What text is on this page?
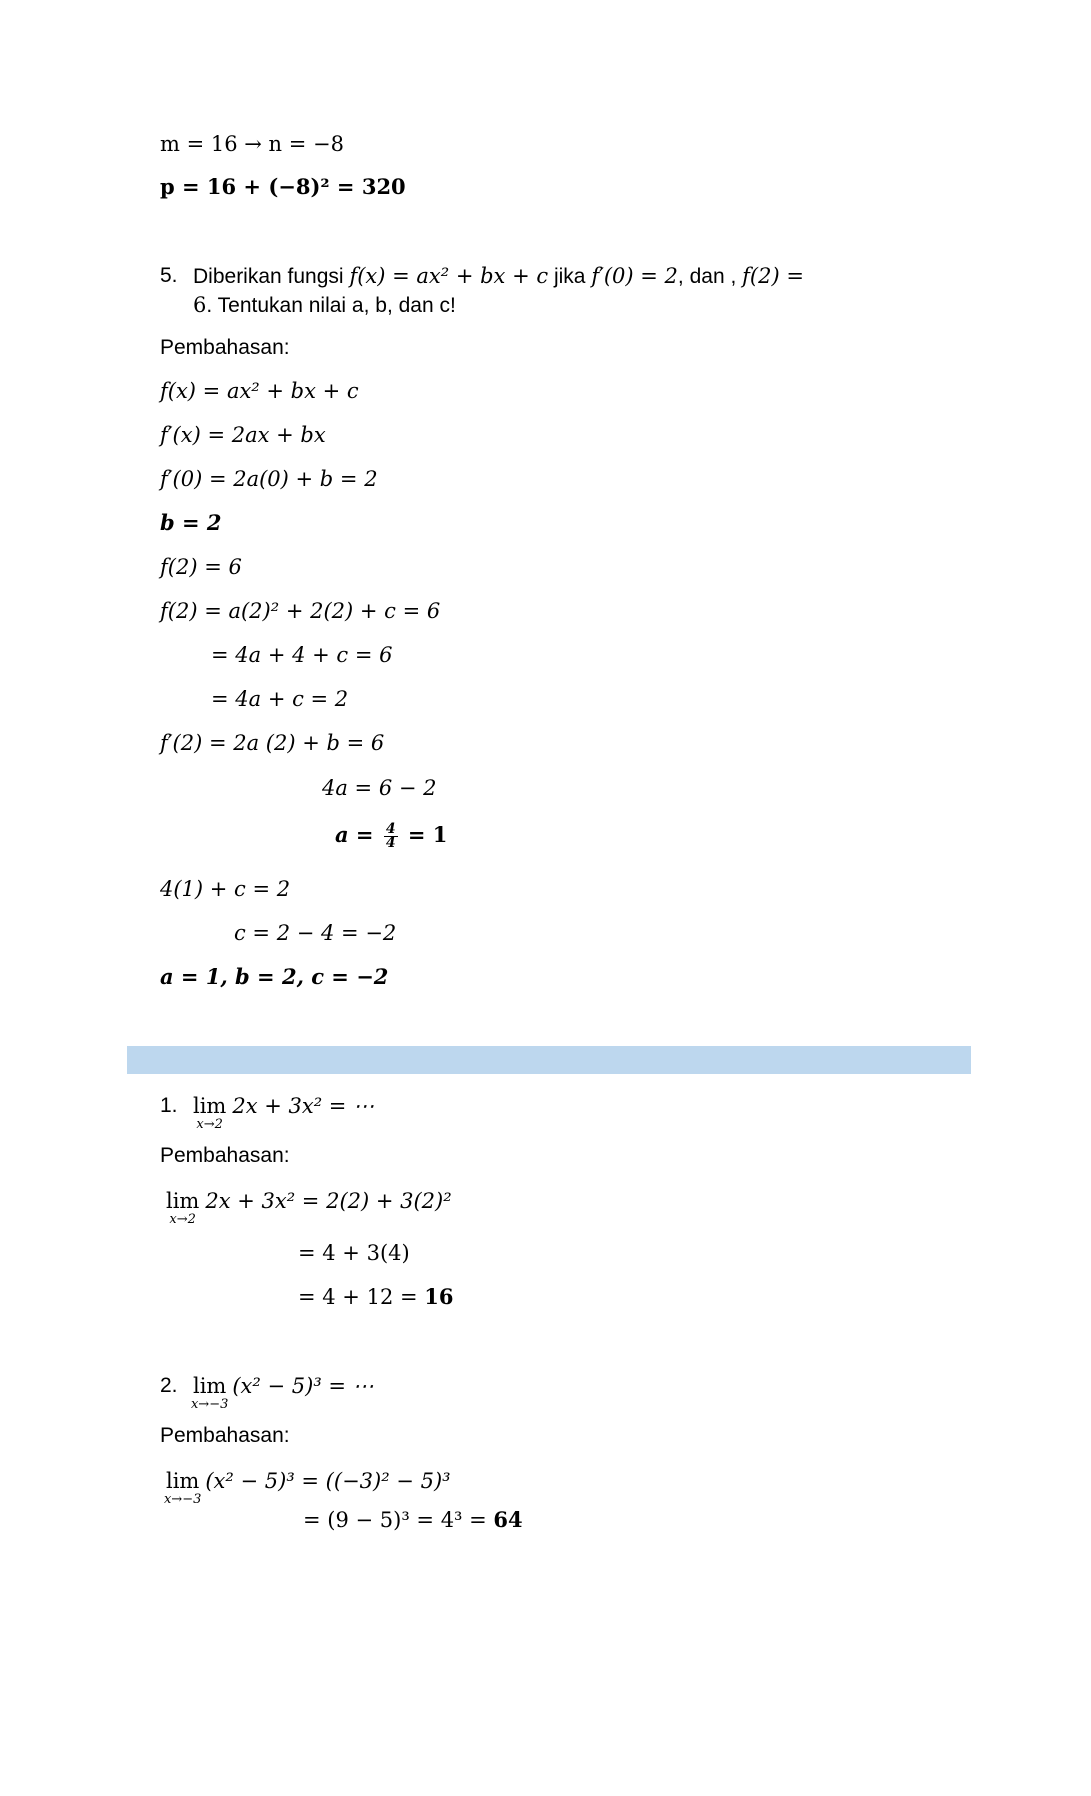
m = 16 → n = −8
p = 16 + (−8)² = 320
5. Diberikan fungsi f(x) = ax² + bx + c jika f′(0) = 2, dan , f(2) =
6. Tentukan nilai a, b, dan c!
Pembahasan:
f(x) = ax² + bx + c
f′(x) = 2ax + bx
f′(0) = 2a(0) + b = 2
b = 2
f(2) = 6
f(2) = a(2)² + 2(2) + c = 6
= 4a + 4 + c = 6
= 4a + c = 2
f′(2) = 2a (2) + b = 6
4a = 6 − 2
$a = \frac{4}{4} = 1$
4(1) + c = 2
c = 2 − 4 = −2
a = 1, b = 2, c = −2
1. lim
x→2
2x + 3x² = ⋯
Pembahasan:
lim
x→2
2x + 3x² = 2(2) + 3(2)²
= 4 + 3(4)
= 4 + 12 = 16
2. lim
x→−3
(x² − 5)³ = ⋯
Pembahasan:
lim
x→−3
(x² − 5)³ = ((−3)² − 5)³
= (9 − 5)³ = 4³ = 64
